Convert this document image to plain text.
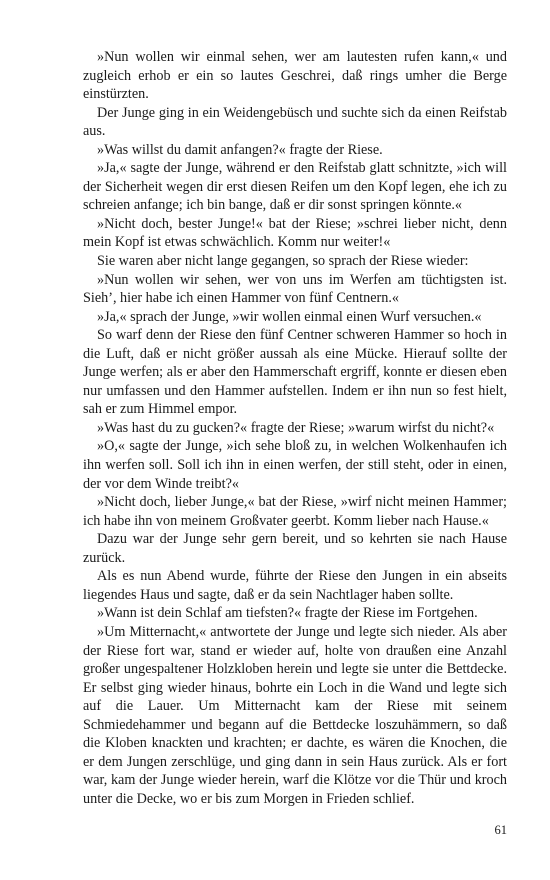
»Nun wollen wir einmal sehen, wer am lautesten rufen kann,« und zugleich erhob er ein so lautes Geschrei, daß rings umher die Berge einstürzten.

Der Junge ging in ein Weidengebüsch und suchte sich da einen Reifstab aus.

»Was willst du damit anfangen?« fragte der Riese.

»Ja,« sagte der Junge, während er den Reifstab glatt schnitzte, »ich will der Sicherheit wegen dir erst diesen Reifen um den Kopf legen, ehe ich zu schreien anfange; ich bin bange, daß er dir sonst springen könnte.«

»Nicht doch, bester Junge!« bat der Riese; »schrei lieber nicht, denn mein Kopf ist etwas schwächlich. Komm nur weiter!«

Sie waren aber nicht lange gegangen, so sprach der Riese wieder:

»Nun wollen wir sehen, wer von uns im Werfen am tüchtigsten ist. Sieh’, hier habe ich einen Hammer von fünf Centnern.«

»Ja,« sprach der Junge, »wir wollen einmal einen Wurf versuchen.«

So warf denn der Riese den fünf Centner schweren Hammer so hoch in die Luft, daß er nicht größer aussah als eine Mücke. Hierauf sollte der Junge werfen; als er aber den Hammerschaft ergriff, konnte er diesen eben nur umfassen und den Hammer aufstellen. Indem er ihn nun so fest hielt, sah er zum Himmel empor.

»Was hast du zu gucken?« fragte der Riese; »warum wirfst du nicht?«

»O,« sagte der Junge, »ich sehe bloß zu, in welchen Wolkenhaufen ich ihn werfen soll. Soll ich ihn in einen werfen, der still steht, oder in einen, der vor dem Winde treibt?«

»Nicht doch, lieber Junge,« bat der Riese, »wirf nicht meinen Hammer; ich habe ihn von meinem Großvater geerbt. Komm lieber nach Hause.«

Dazu war der Junge sehr gern bereit, und so kehrten sie nach Hause zurück.

Als es nun Abend wurde, führte der Riese den Jungen in ein abseits liegendes Haus und sagte, daß er da sein Nachtlager haben sollte.

»Wann ist dein Schlaf am tiefsten?« fragte der Riese im Fortgehen.

»Um Mitternacht,« antwortete der Junge und legte sich nieder. Als aber der Riese fort war, stand er wieder auf, holte von draußen eine Anzahl großer ungespaltener Holzkloben herein und legte sie unter die Bettdecke. Er selbst ging wieder hinaus, bohrte ein Loch in die Wand und legte sich auf die Lauer. Um Mitternacht kam der Riese mit seinem Schmiedehammer und begann auf die Bettdecke loszuhämmern, so daß die Kloben knackten und krachten; er dachte, es wären die Knochen, die er dem Jungen zerschlüge, und ging dann in sein Haus zurück. Als er fort war, kam der Junge wieder herein, warf die Klötze vor die Thür und kroch unter die Decke, wo er bis zum Morgen in Frieden schlief.

61
